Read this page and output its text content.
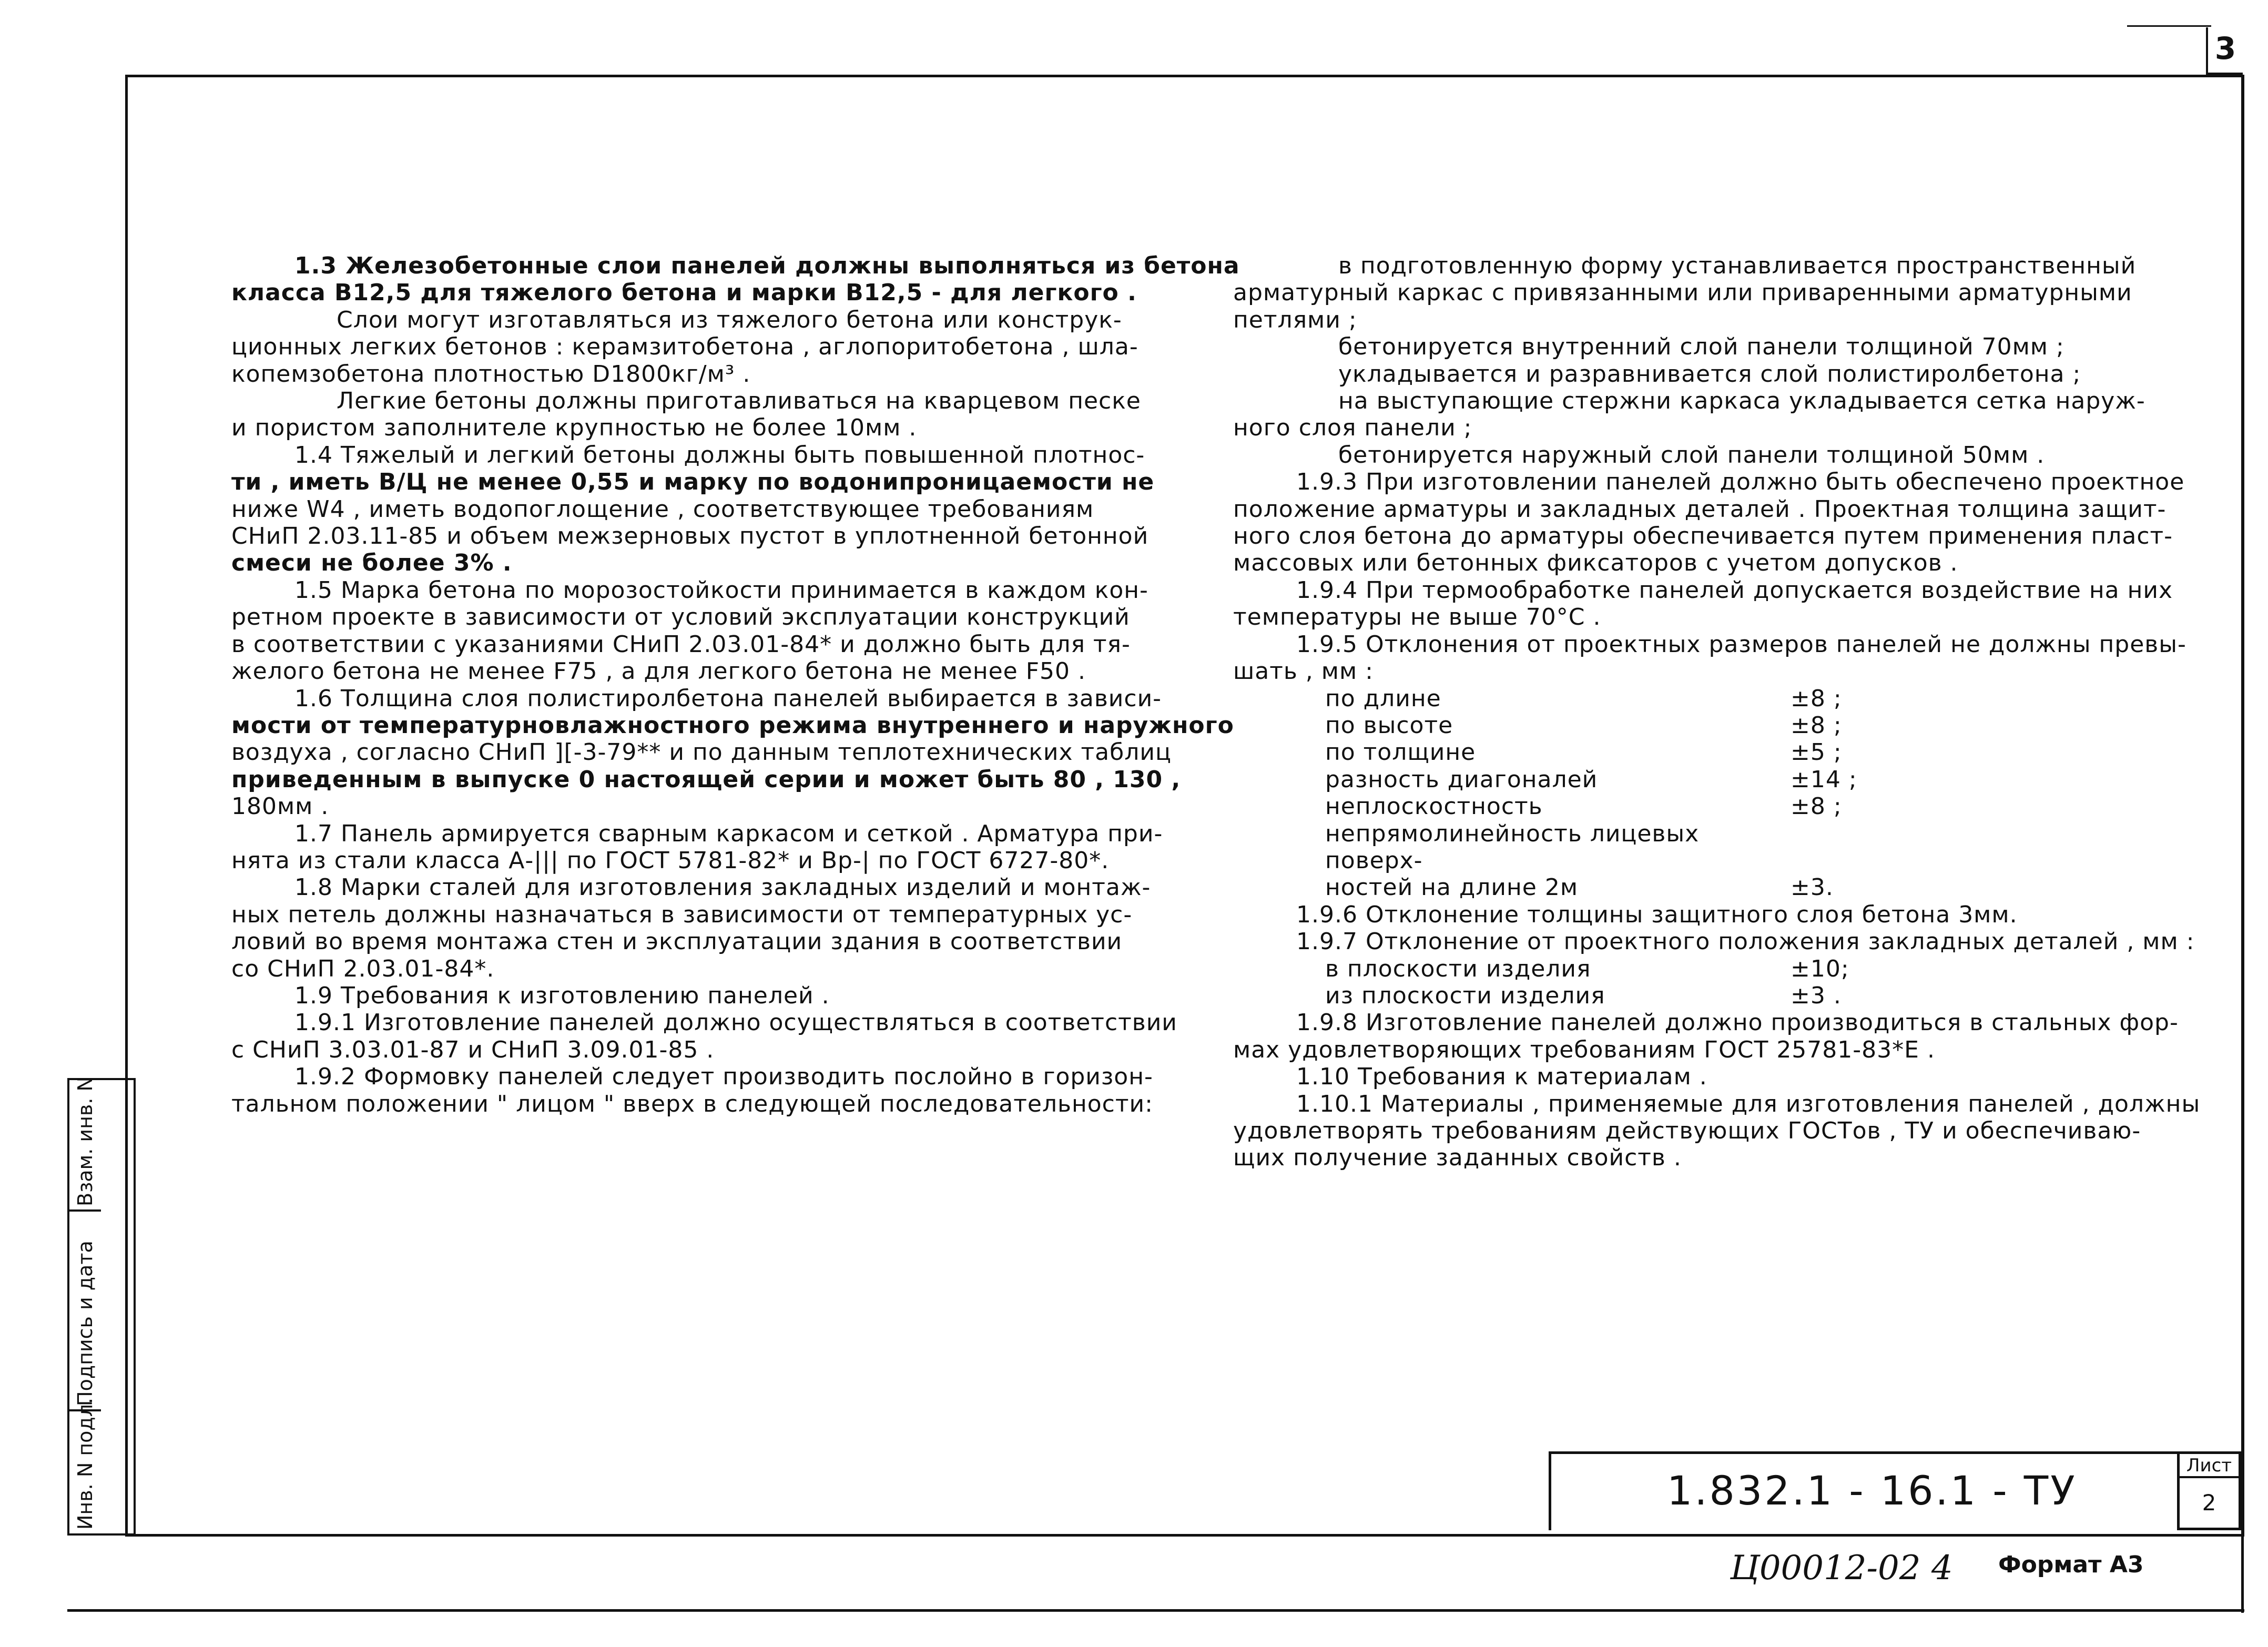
3

1.3 Железобетонные слои панелей должны выполняться из бетона

класса В12,5 для тяжелого бетона и марки В12,5 - для легкого .

Слои могут изготавляться из тяжелого бетона или конструк-

ционных легких бетонов : керамзитобетона , аглопоритобетона , шла-

копемзобетона плотностью D1800кг/м³ .

Легкие бетоны должны приготавливаться на кварцевом песке

и пористом заполнителе крупностью не более 10мм .

1.4 Тяжелый и легкий бетоны должны быть повышенной плотнос-

ти , иметь В/Ц не менее 0,55 и марку по водонипроницаемости не

ниже W4 , иметь водопоглощение , соответствующее требованиям

СНиП 2.03.11-85 и объем межзерновых пустот в уплотненной бетонной

смеси не более 3% .

1.5 Марка бетона по морозостойкости принимается в каждом кон-

ретном проекте в зависимости от условий эксплуатации конструкций

в соответствии с указаниями СНиП 2.03.01-84* и должно быть для тя-

желого бетона не менее F75 , а для легкого бетона не менее F50 .

1.6 Толщина слоя полистиролбетона панелей выбирается в зависи-

мости от температурновлажностного режима внутреннего и наружного

воздуха , согласно СНиП ][-3-79** и по данным теплотехнических таблиц

приведенным в выпуске 0 настоящей серии и может быть 80 , 130 ,

180мм .

1.7 Панель армируется сварным каркасом и сеткой . Арматура при-

нята из стали класса А-||| по ГОСТ 5781-82* и Вр-| по ГОСТ 6727-80*.

1.8 Марки сталей для изготовления закладных изделий и монтаж-

ных петель должны назначаться в зависимости от температурных ус-

ловий во время монтажа стен и эксплуатации здания в соответствии

со СНиП 2.03.01-84*.

1.9 Требования к изготовлению панелей .

1.9.1 Изготовление панелей должно осуществляться в соответствии

с СНиП 3.03.01-87 и СНиП 3.09.01-85 .

1.9.2 Формовку панелей следует производить послойно в горизон-

тальном положении " лицом " вверх в следующей последовательности:

в подготовленную форму устанавливается пространственный

арматурный каркас с привязанными или приваренными арматурными

петлями ;

бетонируется внутренний слой панели толщиной 70мм ;

укладывается и разравнивается слой полистиролбетона ;

на выступающие стержни каркаса укладывается сетка наруж-

ного слоя панели ;

бетонируется наружный слой панели толщиной 50мм .

1.9.3 При изготовлении панелей должно быть обеспечено проектное

положение арматуры и закладных деталей . Проектная толщина защит-

ного слоя бетона до арматуры обеспечивается путем применения пласт-

массовых или бетонных фиксаторов с учетом допусков .

1.9.4 При термообработке панелей допускается воздействие на них

температуры не выше 70°С .

1.9.5 Отклонения от проектных размеров панелей не должны превы-

шать , мм :

по длине	±8 ;
по высоте	±8 ;
по толщине	±5 ;
разность диагоналей	±14 ;
неплоскостность	±8 ;
непрямолинейность лицевых поверх-
ностей на длине 2м	±3.

1.9.6 Отклонение толщины защитного слоя бетона 3мм.

1.9.7 Отклонение от проектного положения закладных деталей , мм :

в плоскости изделия	±10;
из плоскости изделия	±3 .

1.9.8 Изготовление панелей должно производиться в стальных фор-

мах удовлетворяющих требованиям ГОСТ 25781-83*Е .

1.10 Требования к материалам .

1.10.1 Материалы , применяемые для изготовления панелей , должны

удовлетворять требованиям действующих ГОСТов , ТУ и обеспечиваю-

щих получение заданных свойств .

Взам. инв. N
Подпись и дата
Инв. N подл.	1.832.1 - 16.1 - ТУ
Лист
2
Ц00012-02 4 Формат А3
